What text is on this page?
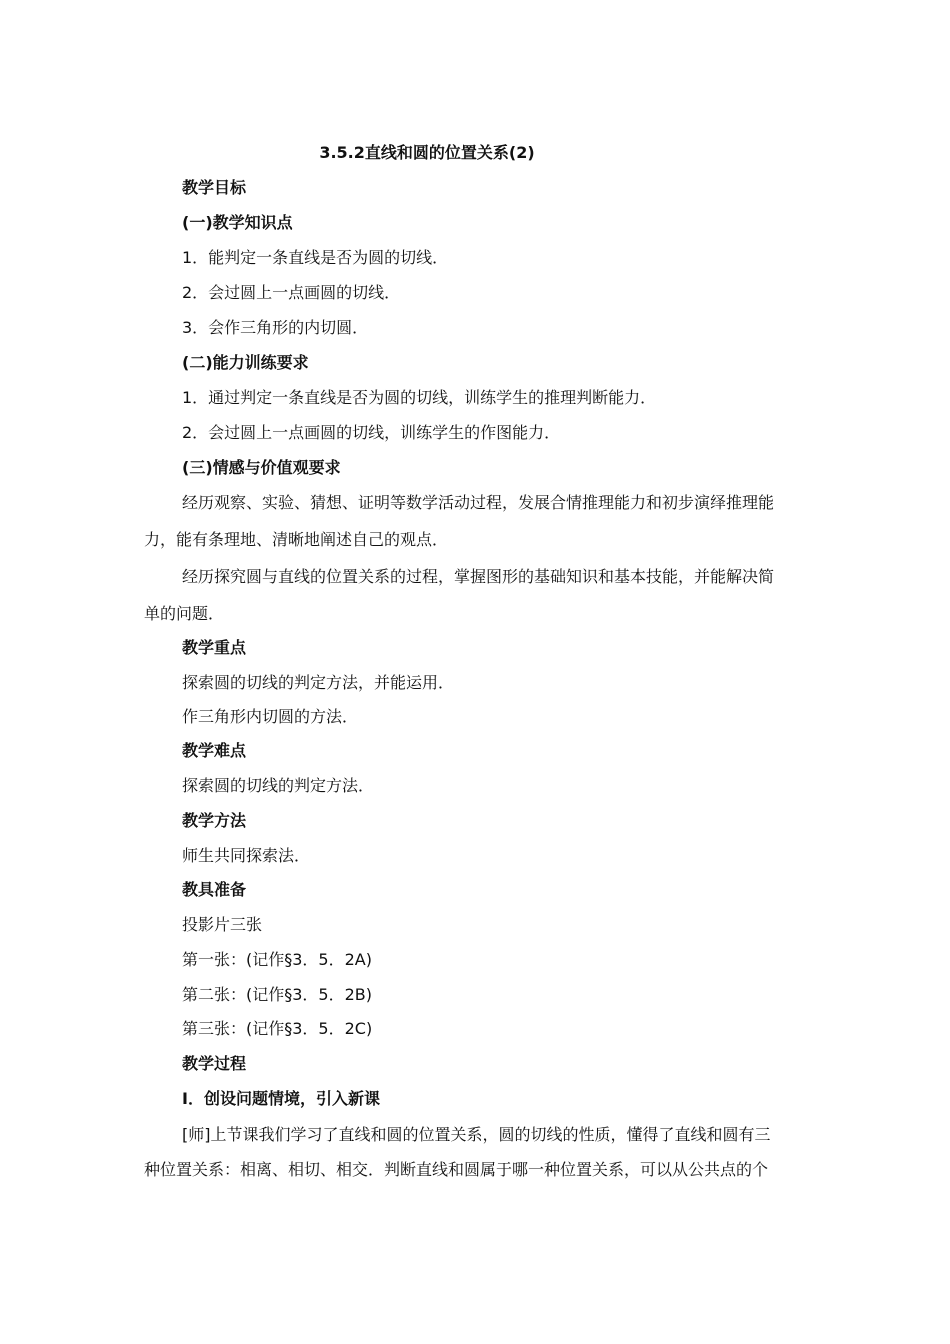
3.5.2直线和圆的位置关系(2)
教学目标
(一)教学知识点
1．能判定一条直线是否为圆的切线．
2．会过圆上一点画圆的切线．
3．会作三角形的内切圆．
(二)能力训练要求
1．通过判定一条直线是否为圆的切线，训练学生的推理判断能力．
2．会过圆上一点画圆的切线，训练学生的作图能力．
(三)情感与价值观要求
经历观察、实验、猜想、证明等数学活动过程，发展合情推理能力和初步演绎推理能
力，能有条理地、清晰地阐述自己的观点．
经历探究圆与直线的位置关系的过程，掌握图形的基础知识和基本技能，并能解决简
单的问题．
教学重点
探索圆的切线的判定方法，并能运用．
作三角形内切圆的方法．
教学难点
探索圆的切线的判定方法．
教学方法
师生共同探索法．
教具准备
投影片三张
第一张：(记作§3．5．2A)
第二张：(记作§3．5．2B)
第三张：(记作§3．5．2C)
教学过程
Ⅰ．创设问题情境，引入新课
[师]上节课我们学习了直线和圆的位置关系，圆的切线的性质，懂得了直线和圆有三
种位置关系：相离、相切、相交．判断直线和圆属于哪一种位置关系，可以从公共点的个
